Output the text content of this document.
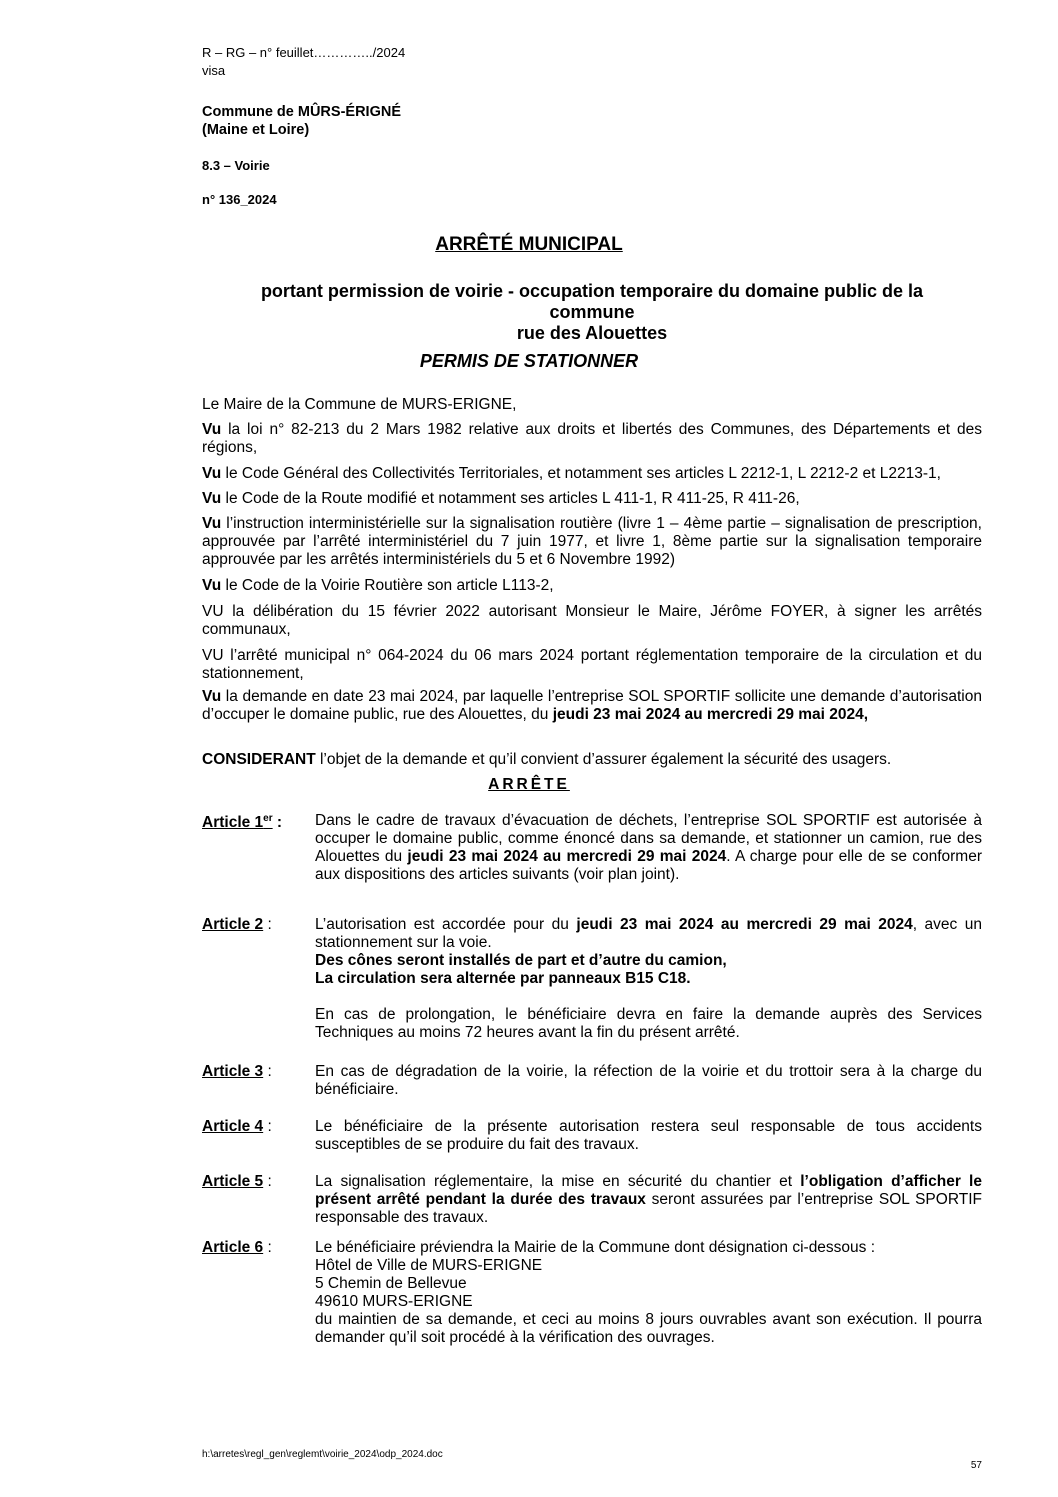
R – RG – n° feuillet…………../2024
visa
Commune de MÛRS-ÉRIGNÉ
(Maine et Loire)
8.3 – Voirie
n° 136_2024
ARRÊTÉ MUNICIPAL
portant permission de voirie - occupation temporaire du domaine public de la
commune
rue des Alouettes
PERMIS DE STATIONNER
Le Maire de la Commune de MURS-ERIGNE,
Vu la loi n° 82-213 du 2 Mars 1982 relative aux droits et libertés des Communes, des Départements et des régions,
Vu le Code Général des Collectivités Territoriales, et notamment ses articles L 2212-1, L 2212-2 et L2213-1,
Vu le Code de la Route modifié et notamment ses articles L 411-1, R 411-25, R 411-26,
Vu l’instruction interministérielle sur la signalisation routière (livre 1 – 4ème partie – signalisation de prescription, approuvée par l’arrêté interministériel du 7 juin 1977, et livre 1, 8ème partie sur la signalisation temporaire approuvée par les arrêtés interministériels du 5 et 6 Novembre 1992)
Vu le Code de la Voirie Routière son article L113-2,
VU la délibération du 15 février 2022 autorisant Monsieur le Maire, Jérôme FOYER, à signer les arrêtés communaux,
VU l’arrêté municipal n° 064-2024 du 06 mars 2024 portant réglementation temporaire de la circulation et du stationnement,
Vu la demande en date 23 mai 2024, par laquelle l’entreprise SOL SPORTIF sollicite une demande d’autorisation d’occuper le domaine public, rue des Alouettes, du jeudi 23 mai 2024 au mercredi 29 mai 2024,
CONSIDERANT l’objet de la demande et qu’il convient d’assurer également la sécurité des usagers.
ARRÊTE
Article 1er : Dans le cadre de travaux d’évacuation de déchets, l’entreprise SOL SPORTIF est autorisée à occuper le domaine public, comme énoncé dans sa demande, et stationner un camion, rue des Alouettes du jeudi 23 mai 2024 au mercredi 29 mai 2024. A charge pour elle de se conformer aux dispositions des articles suivants (voir plan joint).
Article 2 :	L’autorisation est accordée pour du jeudi 23 mai 2024 au mercredi 29 mai 2024, avec un stationnement sur la voie.
Des cônes seront installés de part et d’autre du camion,
La circulation sera alternée par panneaux B15 C18.
En cas de prolongation, le bénéficiaire devra en faire la demande auprès des Services Techniques au moins 72 heures avant la fin du présent arrêté.
Article 3 :	En cas de dégradation de la voirie, la réfection de la voirie et du trottoir sera à la charge du bénéficiaire.
Article 4 :	Le bénéficiaire de la présente autorisation restera seul responsable de tous accidents susceptibles de se produire du fait des travaux.
Article 5 :	La signalisation réglementaire, la mise en sécurité du chantier et l’obligation d’afficher le présent arrêté pendant la durée des travaux seront assurées par l’entreprise SOL SPORTIF responsable des travaux.
Article 6 :	Le bénéficiaire préviendra la Mairie de la Commune dont désignation ci-dessous :
Hôtel de Ville de MURS-ERIGNE
5 Chemin de Bellevue
49610 MURS-ERIGNE
du maintien de sa demande, et ceci au moins 8 jours ouvrables avant son exécution. Il pourra demander qu’il soit procédé à la vérification des ouvrages.
h:\arretes\regl_gen\reglemt\voirie_2024\odp_2024.doc
57
